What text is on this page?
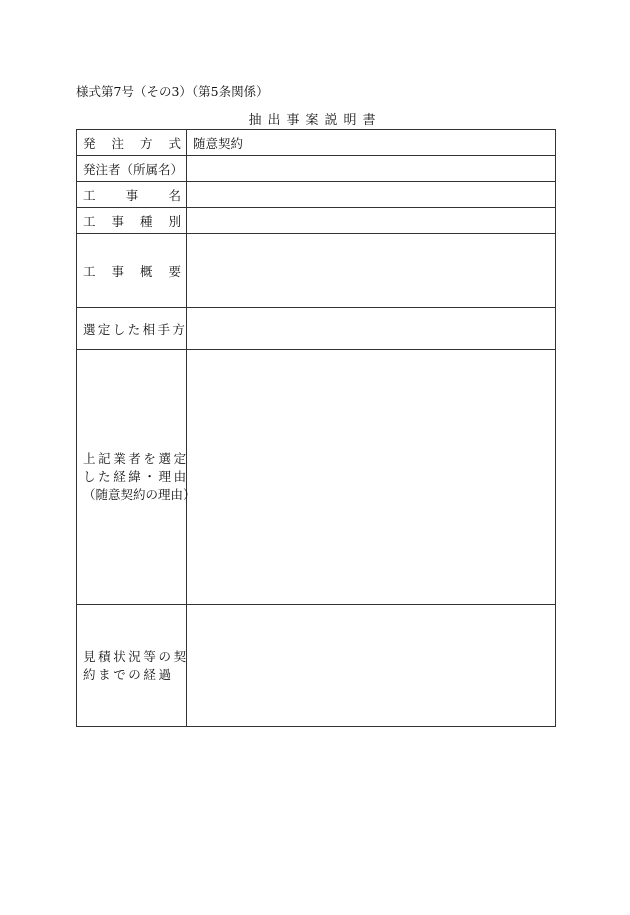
様式第7号（その3）（第5条関係）
抽出事案説明書
発 注 方 式	随意契約

発 注 者 （所属名）	

工 事 名	

工 事 種 別	

工 事 概 要	

選定した相手方	

上記業者を選定
した経緯・理由
（随意契約の理由）	

見積状況等の契
約までの経過	
